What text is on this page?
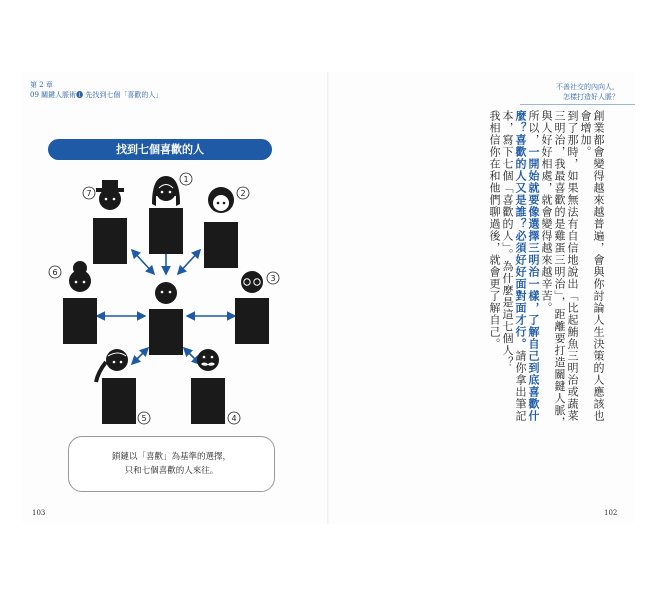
第 2 章
09 關鍵人脈術❶ 先找到七個「喜歡的人」
不善社交的內向人，
怎樣打造好人脈？
找到七個喜歡的人
1
7	2
6
3
5	4
鎖鏈以「喜歡」為基準的選擇，
只和七個喜歡的人來往。
103	102

創業都會變得越來越普遍，會與你討論人生決策的人應該也會增加。

到了那時，如果無法有自信地說出「比起鮪魚三明治或蔬菜三明治，我最喜歡的是雞蛋三明治」，距離要打造關鍵人脈，與人好好相處，就會變得越來越辛苦。

所以，一開始就要像選擇三明治一樣，了解自己到底喜歡什麼？喜歡的人又是誰？必須好好面對面才行。請你拿出筆記本，寫下七個「喜歡的人」。為什麼是這七個人？

我相信你在和他們聊過後，就會更了解自己。
